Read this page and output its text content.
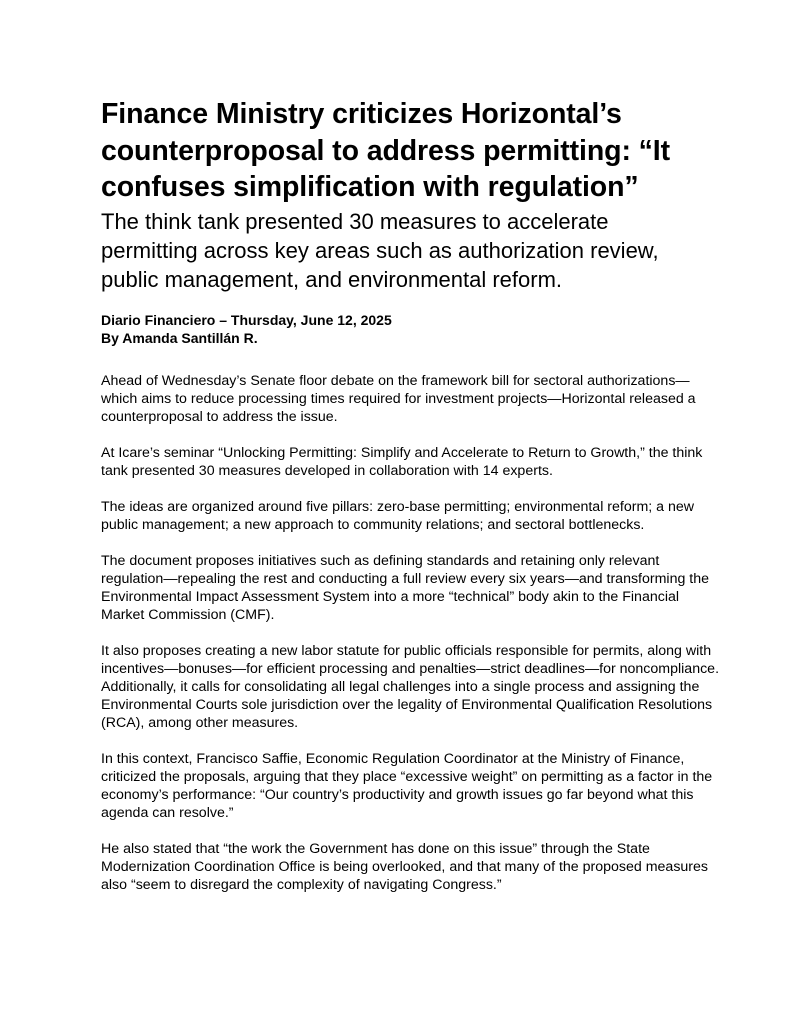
Finance Ministry criticizes Horizontal’s counterproposal to address permitting: “It confuses simplification with regulation”
The think tank presented 30 measures to accelerate permitting across key areas such as authorization review, public management, and environmental reform.
Diario Financiero – Thursday, June 12, 2025
By Amanda Santillán R.

Ahead of Wednesday’s Senate floor debate on the framework bill for sectoral authorizations—which aims to reduce processing times required for investment projects—Horizontal released a counterproposal to address the issue.

At Icare’s seminar “Unlocking Permitting: Simplify and Accelerate to Return to Growth,” the think tank presented 30 measures developed in collaboration with 14 experts.

The ideas are organized around five pillars: zero-base permitting; environmental reform; a new public management; a new approach to community relations; and sectoral bottlenecks.

The document proposes initiatives such as defining standards and retaining only relevant regulation—repealing the rest and conducting a full review every six years—and transforming the Environmental Impact Assessment System into a more “technical” body akin to the Financial Market Commission (CMF).

It also proposes creating a new labor statute for public officials responsible for permits, along with incentives—bonuses—for efficient processing and penalties—strict deadlines—for noncompliance. Additionally, it calls for consolidating all legal challenges into a single process and assigning the Environmental Courts sole jurisdiction over the legality of Environmental Qualification Resolutions (RCA), among other measures.

In this context, Francisco Saffie, Economic Regulation Coordinator at the Ministry of Finance, criticized the proposals, arguing that they place “excessive weight” on permitting as a factor in the economy’s performance: “Our country’s productivity and growth issues go far beyond what this agenda can resolve.”

He also stated that “the work the Government has done on this issue” through the State Modernization Coordination Office is being overlooked, and that many of the proposed measures also “seem to disregard the complexity of navigating Congress.”
